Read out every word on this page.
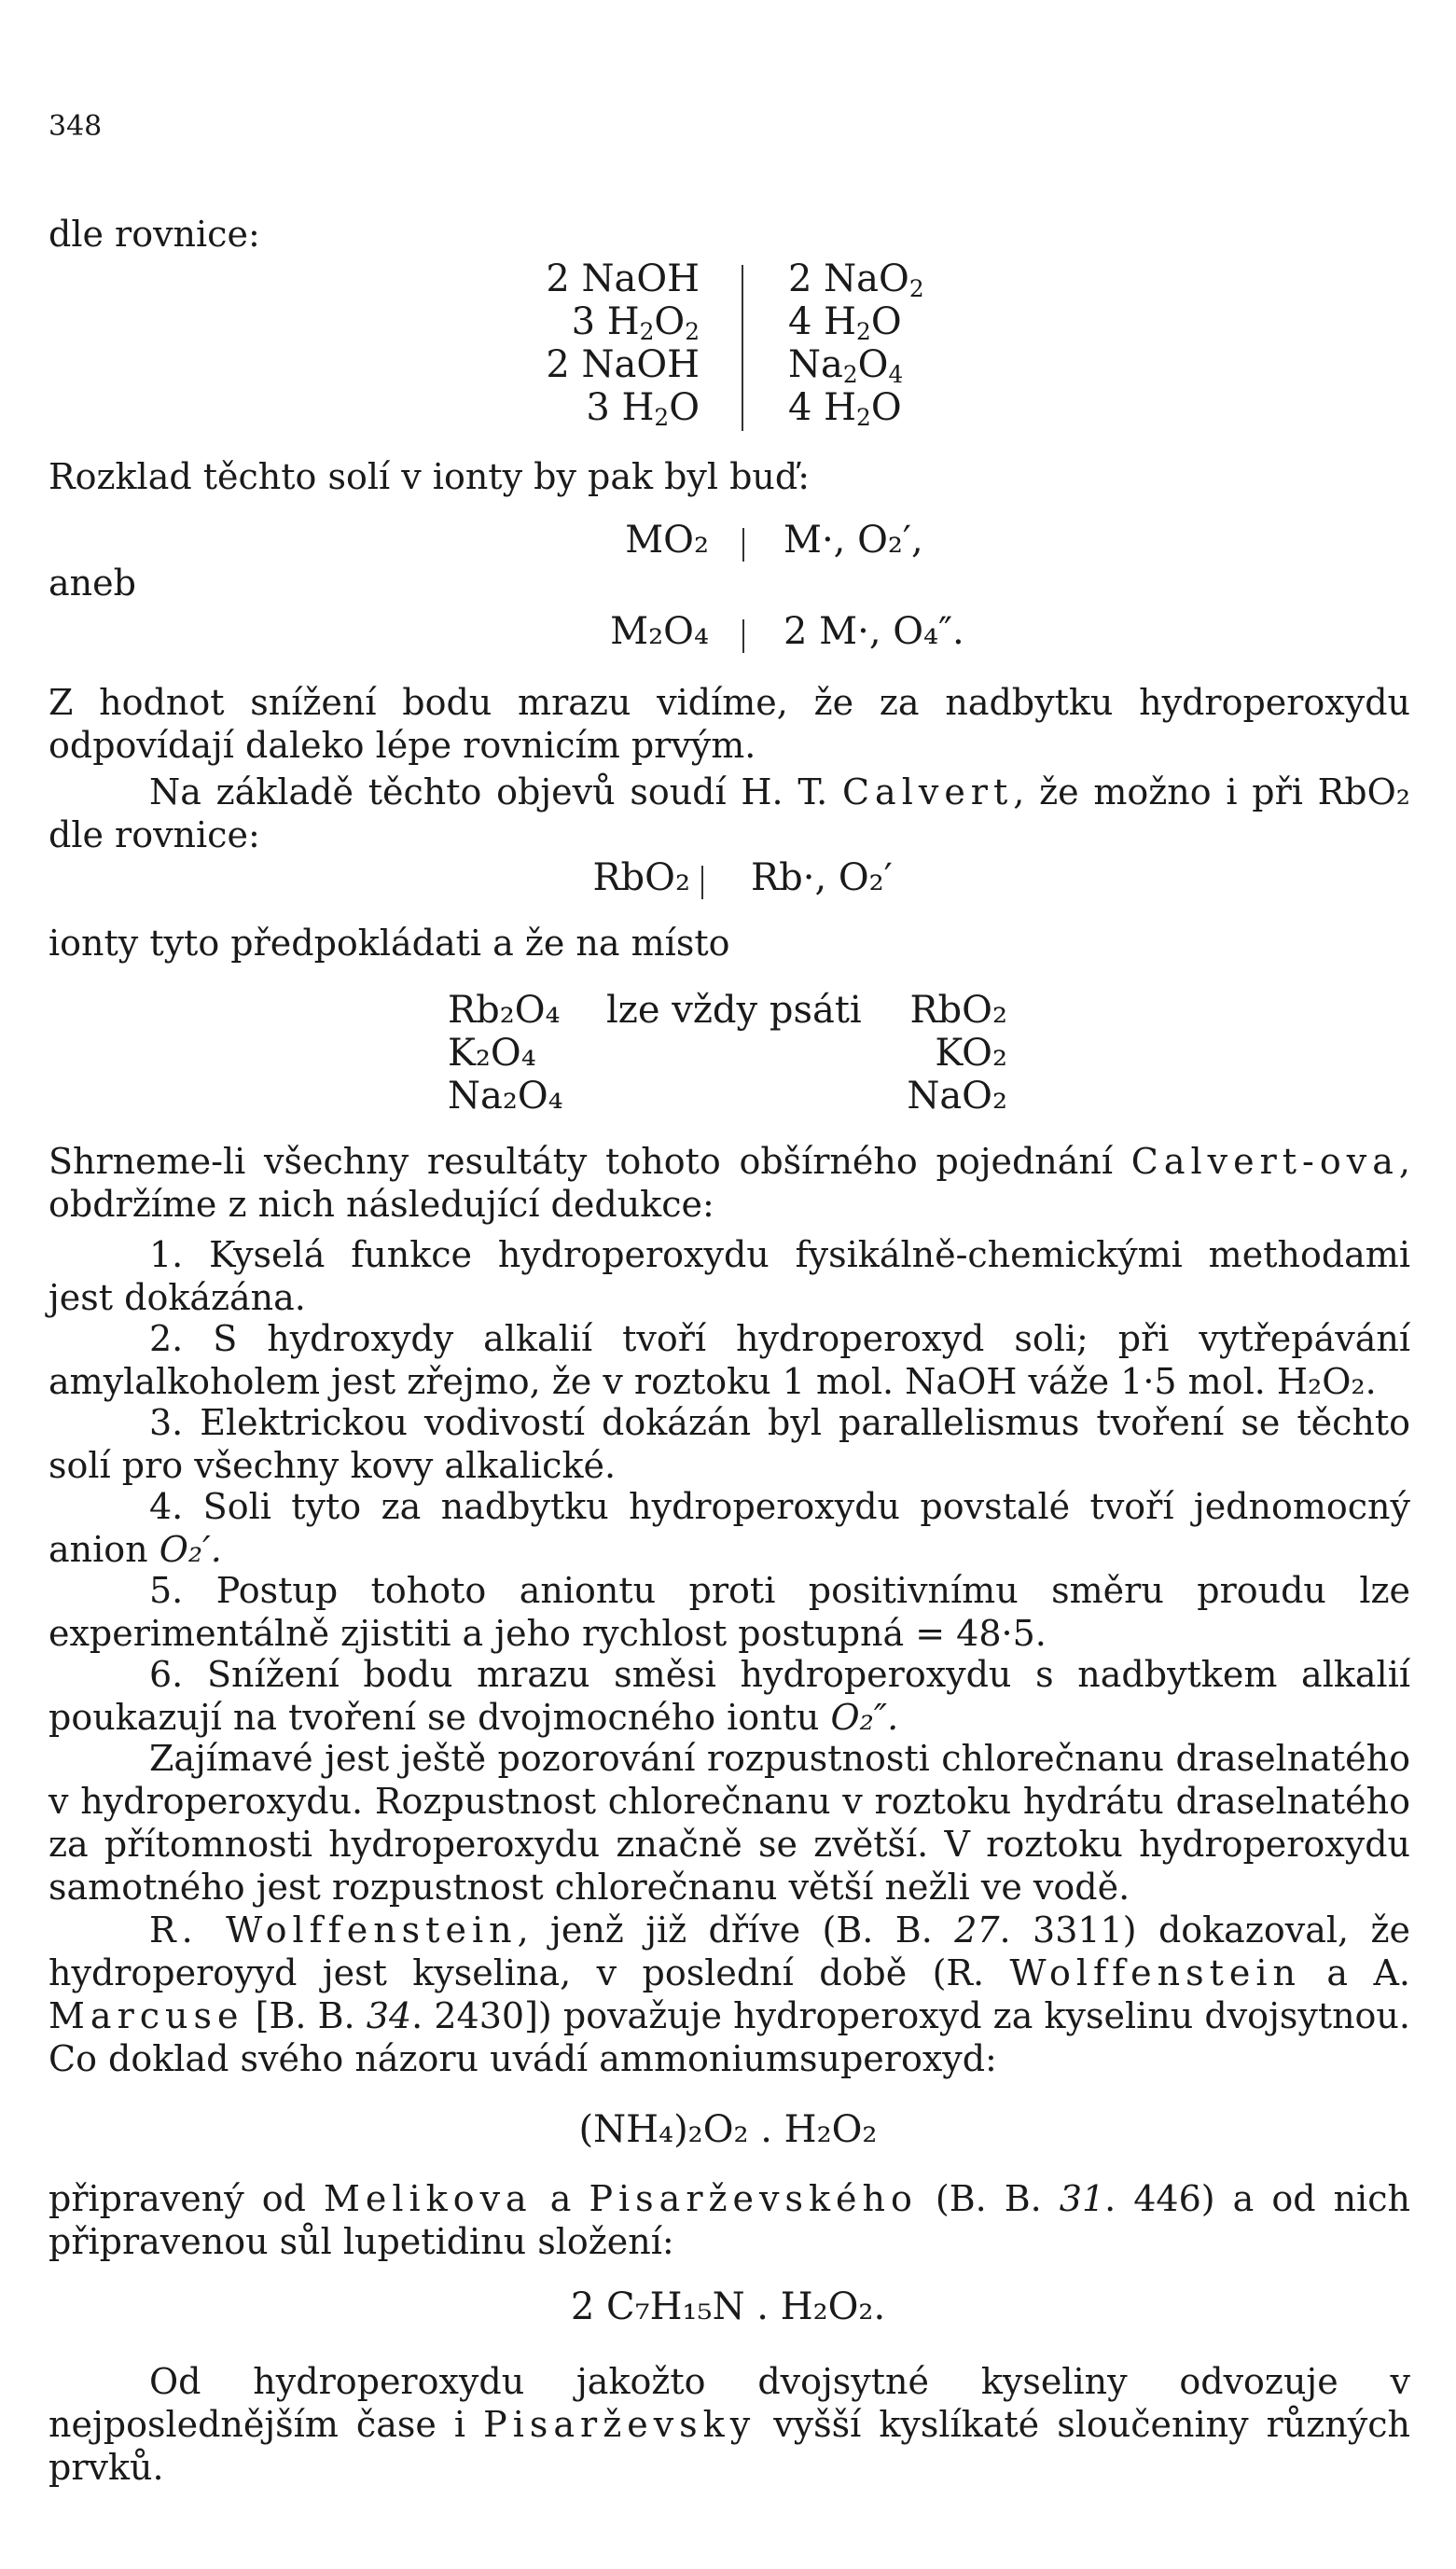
348
dle rovnice:
2 NaOH
3 $H_2O_2$
2 NaOH
3 $H_2O$
2 NaO$_2$
4 $H_2O$
$Na_2O_4$
4 $H_2O$
Rozklad těchto solí v ionty by pak byl buď:
MO₂ M·, O₂′,
aneb
M₂O₄ 2 M·, O₄″.
Z hodnot snížení bodu mrazu vidíme, že za nadbytku hydroperoxydu odpovídají daleko lépe rovnicím prvým.
Na základě těchto objevů soudí H. T. Calvert, že možno i při RbO₂ dle rovnice:
RbO₂ Rb·, O₂′
ionty tyto předpokládati a že na místo
Rb₂O₄
K₂O₄
Na₂O₄
lze vždy psáti	RbO₂
KO₂
NaO₂
Shrneme-li všechny resultáty tohoto obšírného pojednání Calvert-ova, obdržíme z nich následující dedukce:
1. Kyselá funkce hydroperoxydu fysikálně-chemickými methodami jest dokázána.
2. S hydroxydy alkalií tvoří hydroperoxyd soli; při vytřepávání amylalkoholem jest zřejmo, že v roztoku 1 mol. NaOH váže 1·5 mol. H₂O₂.
3. Elektrickou vodivostí dokázán byl parallelismus tvoření se těchto solí pro všechny kovy alkalické.
4. Soli tyto za nadbytku hydroperoxydu povstalé tvoří jednomocný anion O₂′.
5. Postup tohoto aniontu proti positivnímu směru proudu lze experimentálně zjistiti a jeho rychlost postupná = 48·5.
6. Snížení bodu mrazu směsi hydroperoxydu s nadbytkem alkalií poukazují na tvoření se dvojmocného iontu O₂″.
Zajímavé jest ještě pozorování rozpustnosti chlorečnanu draselnatého v hydroperoxydu. Rozpustnost chlorečnanu v roztoku hydrátu draselnatého za přítomnosti hydroperoxydu značně se zvětší. V roztoku hydroperoxydu samotného jest rozpustnost chlorečnanu větší nežli ve vodě.
R. Wolffenstein, jenž již dříve (B. B. 27. 3311) dokazoval, že hydroperoyyd jest kyselina, v poslední době (R. Wolffenstein a A. Marcuse [B. B. 34. 2430]) považuje hydroperoxyd za kyselinu dvojsytnou. Co doklad svého názoru uvádí ammoniumsuperoxyd:
(NH₄)₂O₂ . H₂O₂
připravený od Melikova a Pisarževského (B. B. 31. 446) a od nich připravenou sůl lupetidinu složení:
2 C₇H₁₅N . H₂O₂.
Od hydroperoxydu jakožto dvojsytné kyseliny odvozuje v nejposlednějším čase i Pisarževsky vyšší kyslíkaté sloučeniny různých prvků.
